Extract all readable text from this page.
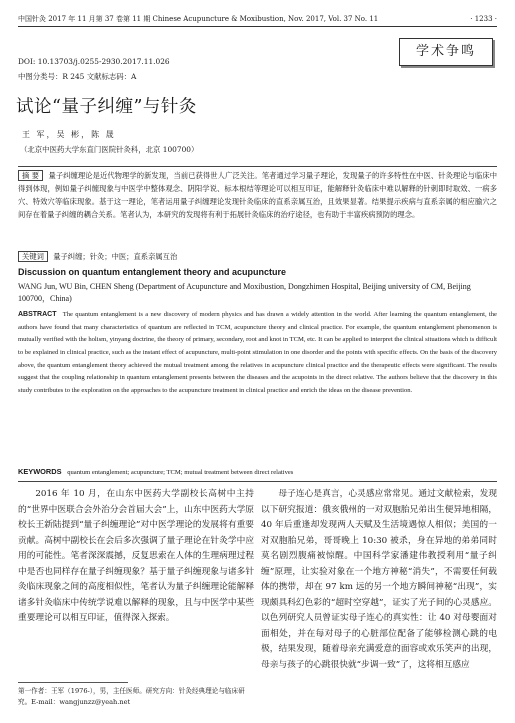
中国针灸 2017 年 11 月第 37 卷第 11 期 Chinese Acupuncture & Moxibustion, Nov. 2017, Vol. 37 No. 11	· 1233 ·
学术争鸣
DOI: 10.13703/j.0255-2930.2017.11.026
中图分类号：R 245 文献标志码：A
试论“量子纠缠”与针灸
王 军，吴 彬，陈 晟
（北京中医药大学东直门医院针灸科，北京 100700）
摘 要 量子纠缠理论是近代物理学的新发现，当前已获得世人广泛关注。笔者通过学习量子理论，发现量子的许多特性在中医、针灸理论与临床中得到体现，例如量子纠缠现象与中医学中整体观念、阴阳学说、标本根结等理论可以相互印证，能解释针灸临床中难以解释的针刺即时取效、一病多穴、特效穴等临床现象。基于这一理论，笔者运用量子纠缠理论发现针灸临床的直系亲属互治，且效果显著。结果提示疾病与直系亲属的相应腧穴之间存在着量子纠缠的耦合关系。笔者认为，本研究的发现将有利于拓展针灸临床的治疗途径，也有助于丰富疾病预防的理念。
关键词 量子纠缠；针灸；中医；直系亲属互治
Discussion on quantum entanglement theory and acupuncture
WANG Jun, WU Bin, CHEN Sheng (Department of Acupuncture and Moxibustion, Dongzhimen Hospital, Beijing university of CM, Beijing 100700，China)
ABSTRACT The quantum entanglement is a new discovery of modern physics and has drawn a widely attention in the world. After learning the quantum entanglement, the authors have found that many characteristics of quantum are reflected in TCM, acupuncture theory and clinical practice. For example, the quantum entanglement phenomenon is mutually verified with the holism, yinyang doctrine, the theory of primary, secondary, root and knot in TCM, etc. It can be applied to interpret the clinical situations which is difficult to be explained in clinical practice, such as the instant effect of acupuncture, multi-point stimulation in one disorder and the points with specific effects. On the basis of the discovery above, the quantum entanglement theory achieved the mutual treatment among the relatives in acupuncture clinical practice and the therapeutic effects were significant. The results suggest that the coupling relationship in quantum entanglement presents between the diseases and the acupoints in the direct relative. The authors believe that the discovery in this study contributes to the exploration on the approaches to the acupuncture treatment in clinical practice and enrich the ideas on the disease prevention.
KEYWORDS quantum entanglement; acupuncture; TCM; mutual treatment between direct relatives

2016 年 10 月，在山东中医药大学副校长高树中主持的“世界中医联合会外治分会首届大会”上，山东中医药大学原校长王新陆提到“量子纠缠理论”对中医学理论的发展将有重要贡献。高树中副校长在会后多次强调了量子理论在针灸学中应用的可能性。笔者深深震撼，反复思索在人体的生理病理过程中是否也同样存在量子纠缠现象？基于量子纠缠现象与诸多针灸临床现象之间的高度相似性，笔者认为量子纠缠理论能解释诸多针灸临床中传统学说难以解释的现象，且与中医学中某些重要理论可以相互印证，值得深入探索。

母子连心是真言，心灵感应常常见。通过文献检索，发现以下研究报道：俄亥俄州的一对双胞胎兄弟出生便异地相隔，40 年后重逢却发现两人天赋及生活境遇惊人相似；美国的一对双胞胎兄弟，哥哥晚上 10:30 被杀，身在异地的弟弟同时莫名剧烈腹痛被惊醒。中国科学家潘建伟教授利用“量子纠缠”原理，让实验对象在一个地方神秘“消失”，不需要任何载体的携带，却在 97 km 远的另一个地方瞬间神秘“出现”，实现颇具科幻色彩的“超时空穿越”，证实了光子间的心灵感应。以色列研究人员曾证实母子连心的真实性：让 40 对母婴面对面相处，并在每对母子的心脏部位配备了能够检测心跳的电极，结果发现，随着母亲充满爱意的面容或欢乐笑声的出现，母亲与孩子的心跳很快就“步调一致”了，这将相互感应

第一作者：王军（1976-），男，主任医师。研究方向：针灸经典理论与临床研究。E-mail：wangjunzz@yeah.net
